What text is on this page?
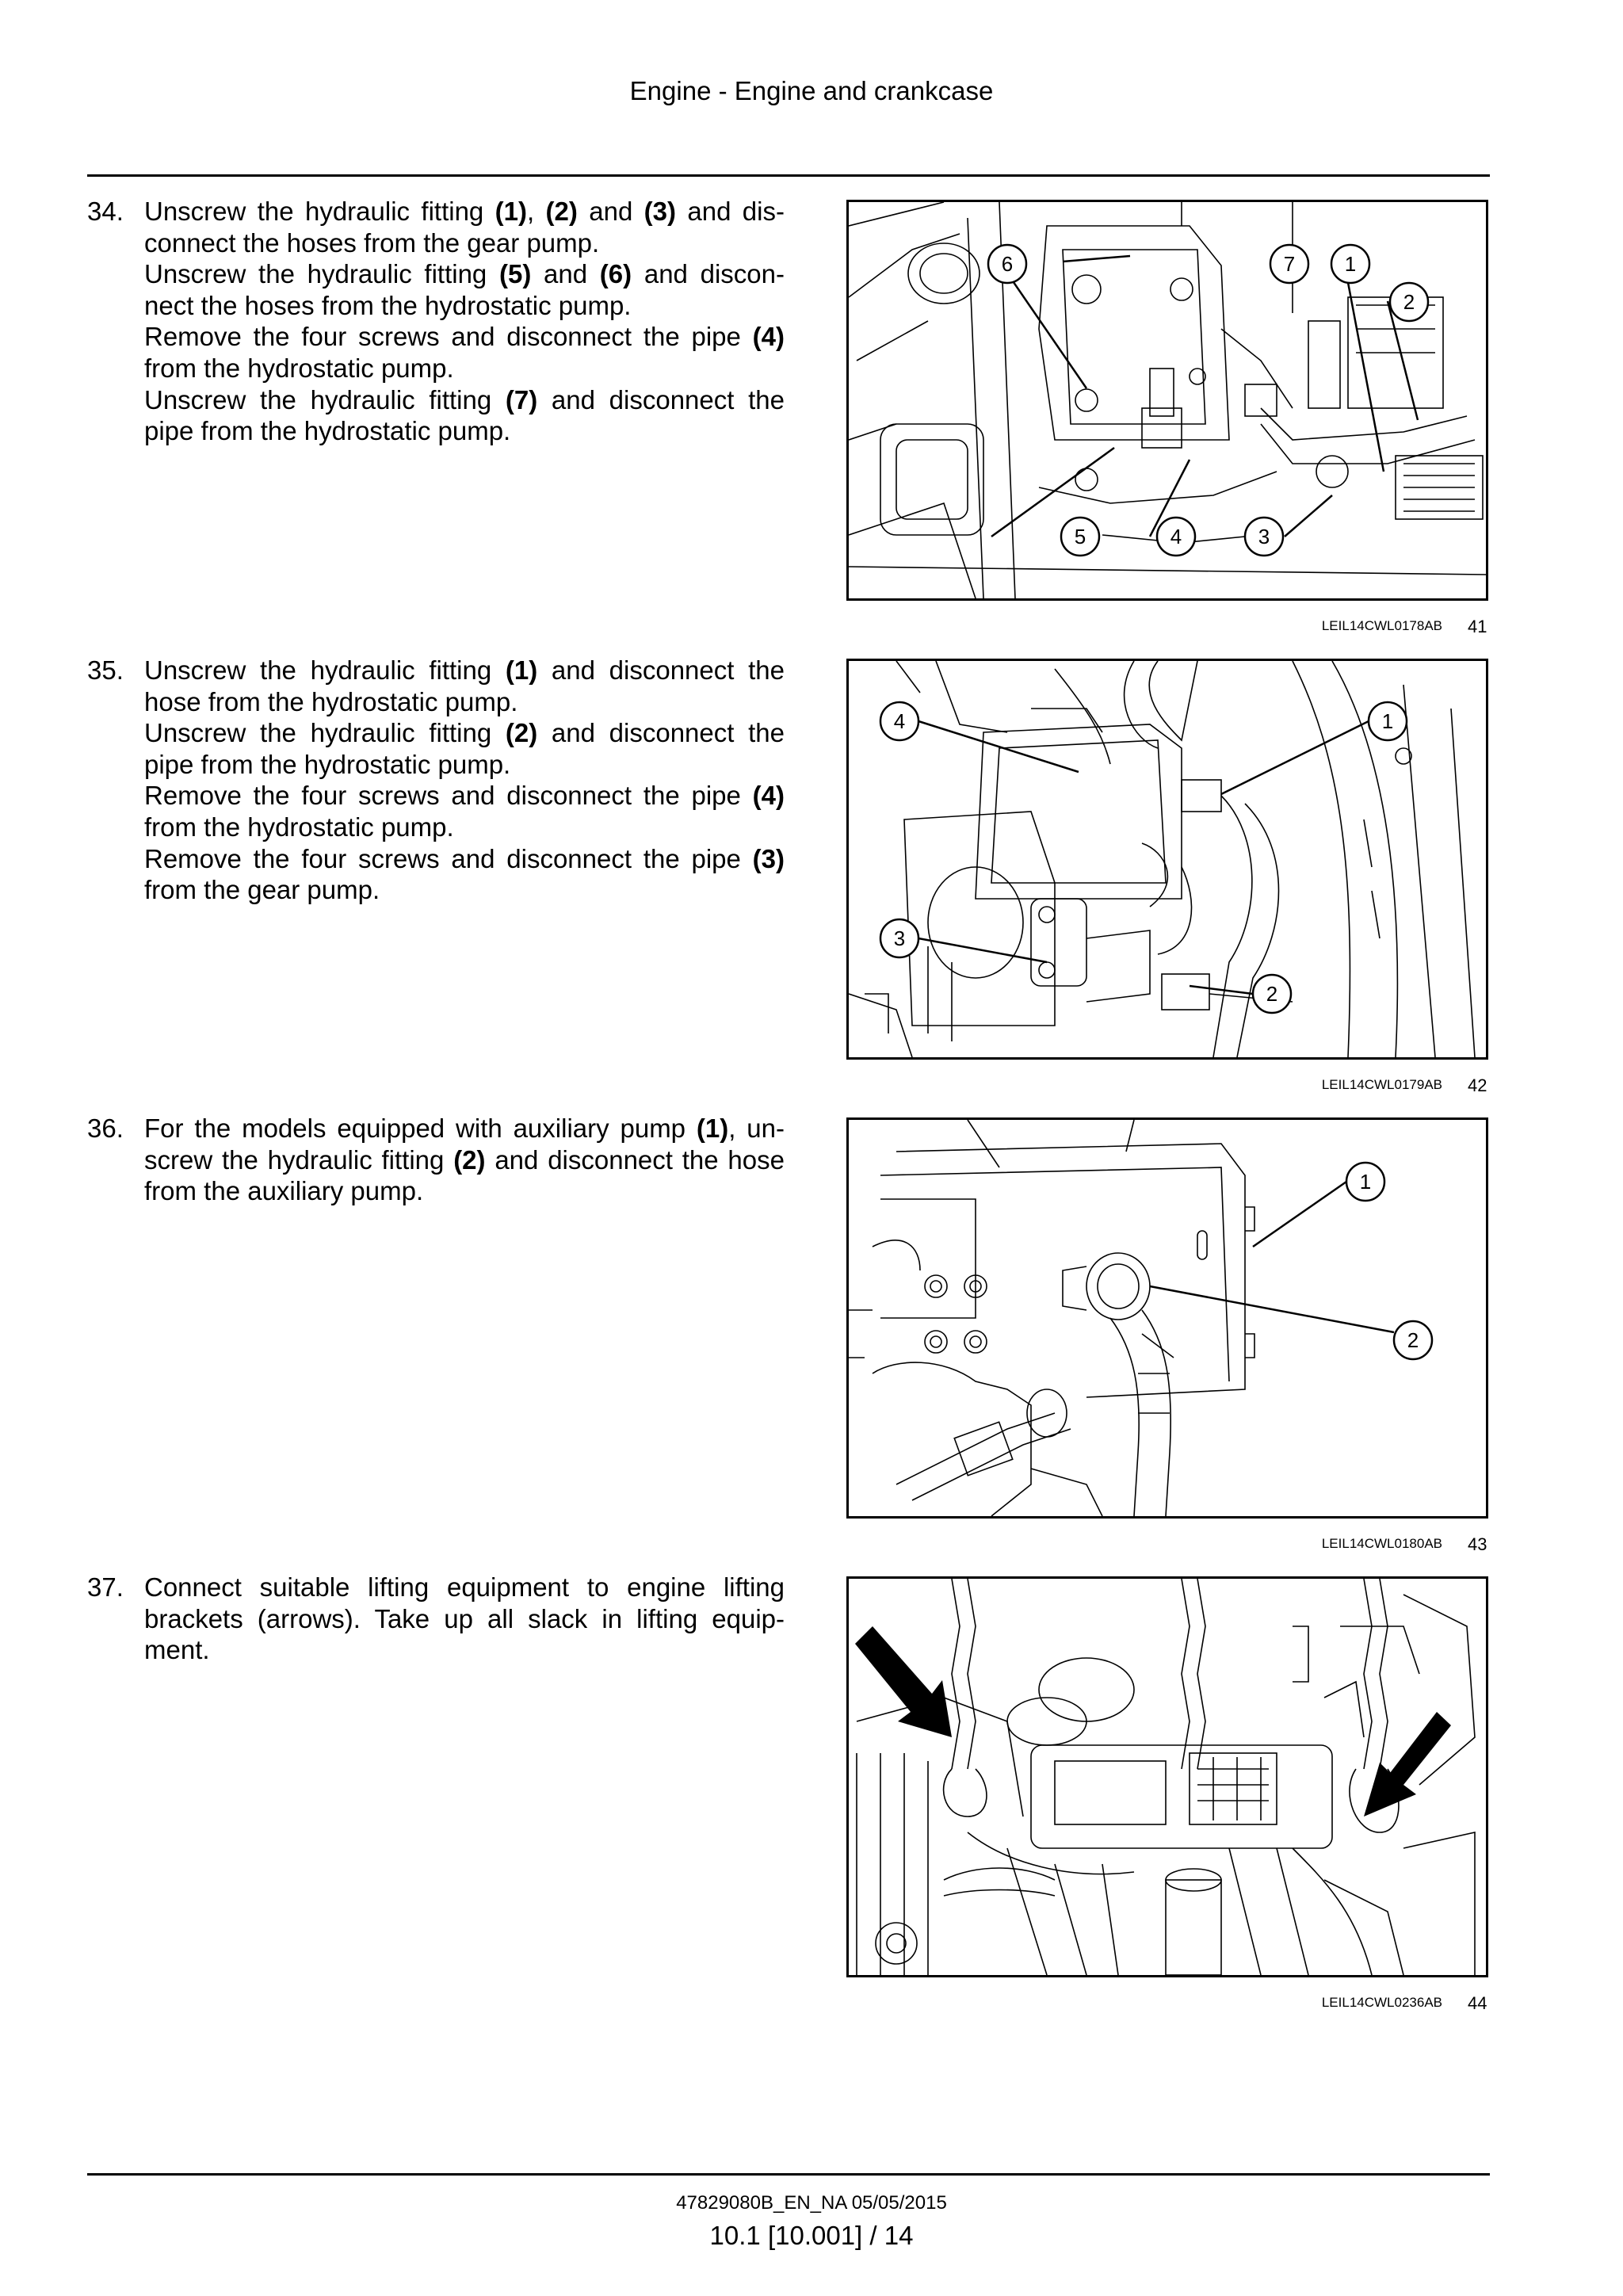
Engine - Engine and crankcase
34. Unscrew the hydraulic fitting (1), (2) and (3) and dis-connect the hoses from the gear pump.

Unscrew the hydraulic fitting (5) and (6) and discon-nect the hoses from the hydrostatic pump.

Remove the four screws and disconnect the pipe (4) from the hydrostatic pump.

Unscrew the hydraulic fitting (7) and disconnect the pipe from the hydrostatic pump.

35. Unscrew the hydraulic fitting (1) and disconnect the hose from the hydrostatic pump.

Unscrew the hydraulic fitting (2) and disconnect the pipe from the hydrostatic pump.

Remove the four screws and disconnect the pipe (4) from the hydrostatic pump.

Remove the four screws and disconnect the pipe (3) from the gear pump.

36. For the models equipped with auxiliary pump (1), un-screw the hydraulic fitting (2) and disconnect the hose from the auxiliary pump.

37. Connect suitable lifting equipment to engine lifting brackets (arrows). Take up all slack in lifting equip-ment.

6	7 1
2
5	4	3
LEIL14CWL0178AB 41
4	1
3
2
LEIL14CWL0179AB 42
1
2
LEIL14CWL0180AB 43
LEIL14CWL0236AB 44
47829080B_EN_NA 05/05/2015
10.1 [10.001] / 14
